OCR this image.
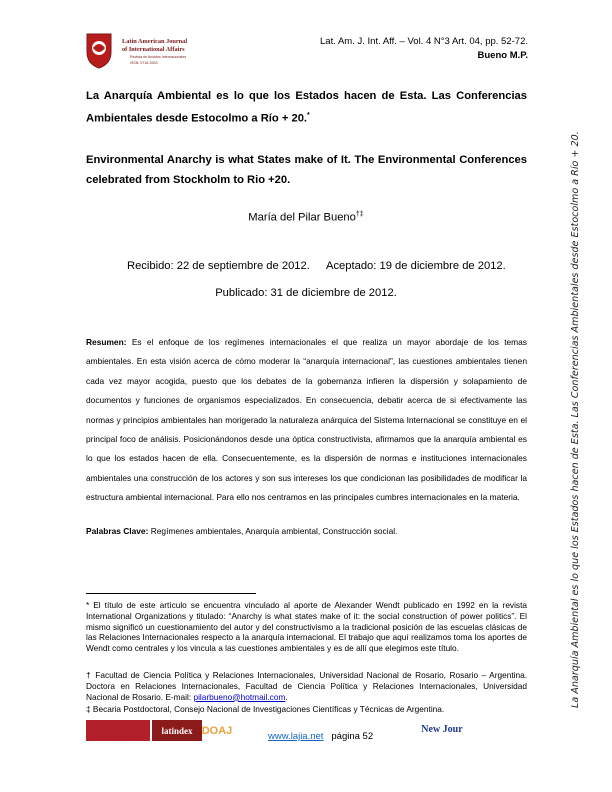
Latin American Journal
of International Affairs
Revista de Asuntos Internacionales
ISSN: 0718-9303
Lat. Am. J. Int. Aff. – Vol. 4 N°3 Art. 04, pp. 52-72.
Bueno M.P.
La Anarquía Ambiental es lo que los Estados hacen de Esta. Las Conferencias Ambientales desde Estocolmo a Río + 20.*
Environmental Anarchy is what States make of It. The Environmental Conferences celebrated from Stockholm to Rio +20.
María del Pilar Bueno†‡
Recibido: 22 de septiembre de 2012. Aceptado: 19 de diciembre de 2012.
Publicado: 31 de diciembre de 2012.
Resumen: Es el enfoque de los regímenes internacionales el que realiza un mayor abordaje de los temas ambientales. En esta visión acerca de cómo moderar la “anarquía internacional”, las cuestiones ambientales tienen cada vez mayor acogida, puesto que los debates de la gobernanza infieren la dispersión y solapamiento de documentos y funciones de organismos especializados. En consecuencia, debatir acerca de si efectivamente las normas y principios ambientales han morigerado la naturaleza anárquica del Sistema Internacional se constituye en el principal foco de análisis. Posicionándonos desde una óptica constructivista, afirmamos que la anarquía ambiental es lo que los estados hacen de ella. Consecuentemente, es la dispersión de normas e instituciones internacionales ambientales una construcción de los actores y son sus intereses los que condicionan las posibilidades de modificar la estructura ambiental internacional. Para ello nos centramos en las principales cumbres internacionales en la materia.
Palabras Clave: Regímenes ambientales, Anarquía ambiental, Construcción social.
* El título de este artículo se encuentra vinculado al aporte de Alexander Wendt publicado en 1992 en la revista International Organizations y titulado: “Anarchy is what states make of it: the social construction of power politics”. El mismo significó un cuestionamiento del autor y del constructivismo a la tradicional posición de las escuelas clásicas de las Relaciones Internacionales respecto a la anarquía internacional. El trabajo que aquí realizamos toma los aportes de Wendt como centrales y los vincula a las cuestiones ambientales y es de allí que elegimos este título.
† Facultad de Ciencia Política y Relaciones Internacionales, Universidad Nacional de Rosario, Rosario – Argentina. Doctora en Relaciones Internacionales, Facultad de Ciencia Política y Relaciones Internacionales, Universidad Nacional de Rosario. E-mail: pilarbueno@hotmail.com.
‡ Becaria Postdoctoral, Consejo Nacional de Investigaciones Científicas y Técnicas de Argentina.
latindex DOAJ	New Jour
www.lajia.net página 52
La Anarquía Ambiental es lo que los Estados hacen de Esta. Las Conferencias Ambientales desde Estocolmo a Río + 20.
